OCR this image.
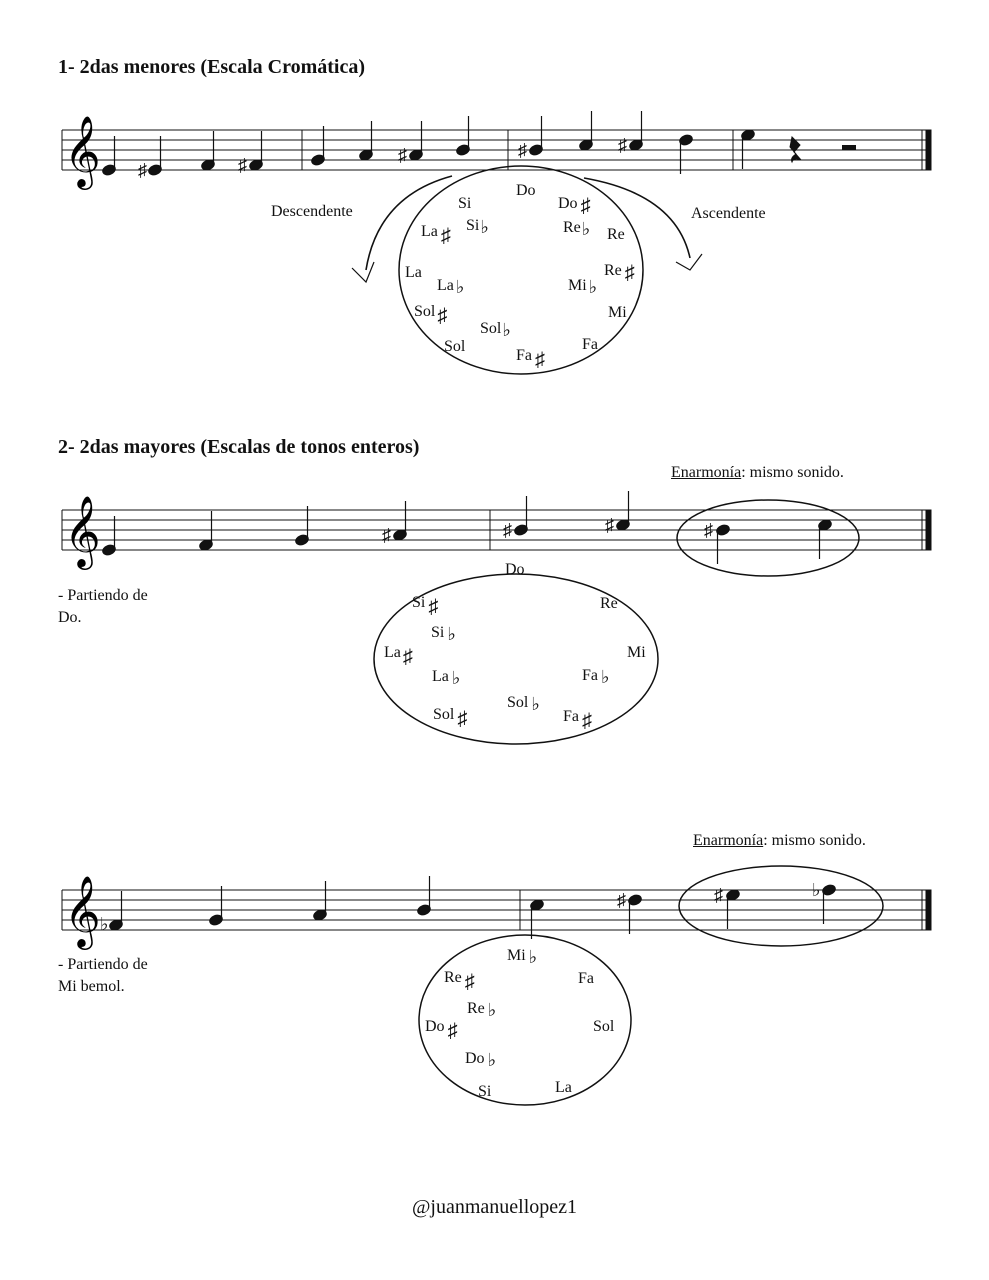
1- 2das menores (Escala Cromática)
𝄞 ♯	♯	♯	♯	♯
Do
Do ♯
Re♭ Re
Re ♯
Mi ♭
Mi
Fa
Fa ♯
Sol♭
Sol
Sol ♯
La ♭
La
La ♯ Si♭
Si
𝄞	♯	♯	♯	♯
Do
Re
Mi
Fa ♭
Fa ♯
Sol ♭
Sol ♯
La ♭
La ♯
Si ♭
Si ♯
𝄞 ♭
♯	♯	♭
Mi ♭
Fa
Sol
La
Si
Do ♭
Do ♯
Re ♭
Re ♯
Descendente	Ascendente
2- 2das mayores (Escalas de tonos enteros)
Enarmonía: mismo sonido.
- Partiendo de
Do.
Enarmonía: mismo sonido.
- Partiendo de
Mi bemol.
@juanmanuellopez1
